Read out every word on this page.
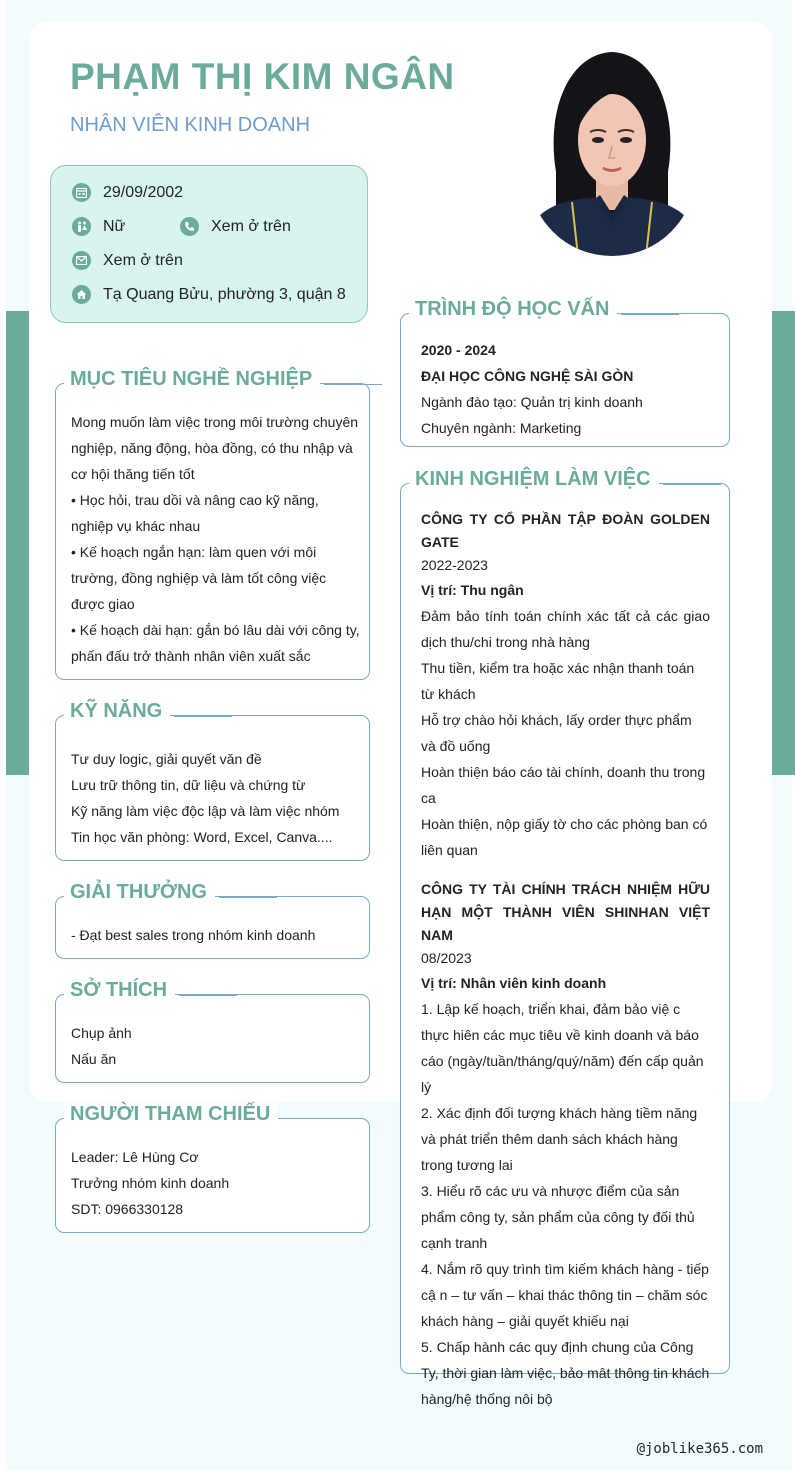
PHẠM THỊ KIM NGÂN
NHÂN VIÊN KINH DOANH
29/09/2002
Nữ	Xem ở trên
Xem ở trên
Tạ Quang Bửu, phường 3, quận 8
MỤC TIÊU NGHỀ NGHIỆP

Mong muốn làm việc trong môi trường chuyên nghiệp, năng động, hòa đồng, có thu nhập và cơ hội thăng tiến tốt

• Học hỏi, trau dồi và nâng cao kỹ năng, nghiệp vụ khác nhau

• Kế hoạch ngắn hạn: làm quen với môi trường, đồng nghiệp và làm tốt công việc được giao

• Kế hoạch dài hạn: gắn bó lâu dài với công ty, phấn đấu trở thành nhân viên xuất sắc

KỸ NĂNG

Tư duy logic, giải quyết văn đề

Lưu trữ thông tin, dữ liệu và chứng từ

Kỹ năng làm việc độc lập và làm việc nhóm

Tin học văn phòng: Word, Excel, Canva....

GIẢI THƯỞNG

- Đạt best sales trong nhóm kinh doanh

SỞ THÍCH

Chụp ảnh

Nấu ăn

NGƯỜI THAM CHIẾU

Leader: Lê Hùng Cơ

Trưởng nhóm kinh doanh

SDT: 0966330128

TRÌNH ĐỘ HỌC VẤN

2020 - 2024

ĐẠI HỌC CÔNG NGHỆ SÀI GÒN

Ngành đào tạo: Quản trị kinh doanh

Chuyên ngành: Marketing

KINH NGHIỆM LÀM VIỆC

CÔNG TY CỔ PHẦN TẬP ĐOÀN GOLDEN GATE

2022-2023

Vị trí: Thu ngân

Đảm bảo tính toán chính xác tất cả các giao dịch thu/chi trong nhà hàng

Thu tiền, kiểm tra hoặc xác nhận thanh toán từ khách

Hỗ trợ chào hỏi khách, lấy order thực phẩm và đồ uống

Hoàn thiện báo cáo tài chính, doanh thu trong ca

Hoàn thiện, nộp giấy tờ cho các phòng ban có liên quan

CÔNG TY TÀI CHÍNH TRÁCH NHIỆM HỮU HẠN MỘT THÀNH VIÊN SHINHAN VIỆT NAM

08/2023

Vị trí: Nhân viên kinh doanh

1. Lập kế hoạch, triển khai, đảm bảo việ c thực hiên các mục tiêu về kinh doanh và báo cáo (ngày/tuần/tháng/quý/năm) đến cấp quản lý

2. Xác định đối tượng khách hàng tiềm năng và phát triển thêm danh sách khách hàng trong tương lai

3. Hiểu rõ các ưu và nhược điểm của sản phẩm công ty, sản phẩm của công ty đối thủ cạnh tranh

4. Nắm rõ quy trình tìm kiếm khách hàng - tiếp cậ n – tư vấn – khai thác thông tin – chăm sóc khách hàng – giải quyết khiếu nại

5. Chấp hành các quy định chung của Công Ty, thời gian làm việc, bảo mât thông tin khách hàng/hệ thống nôi bộ

@joblike365.com
